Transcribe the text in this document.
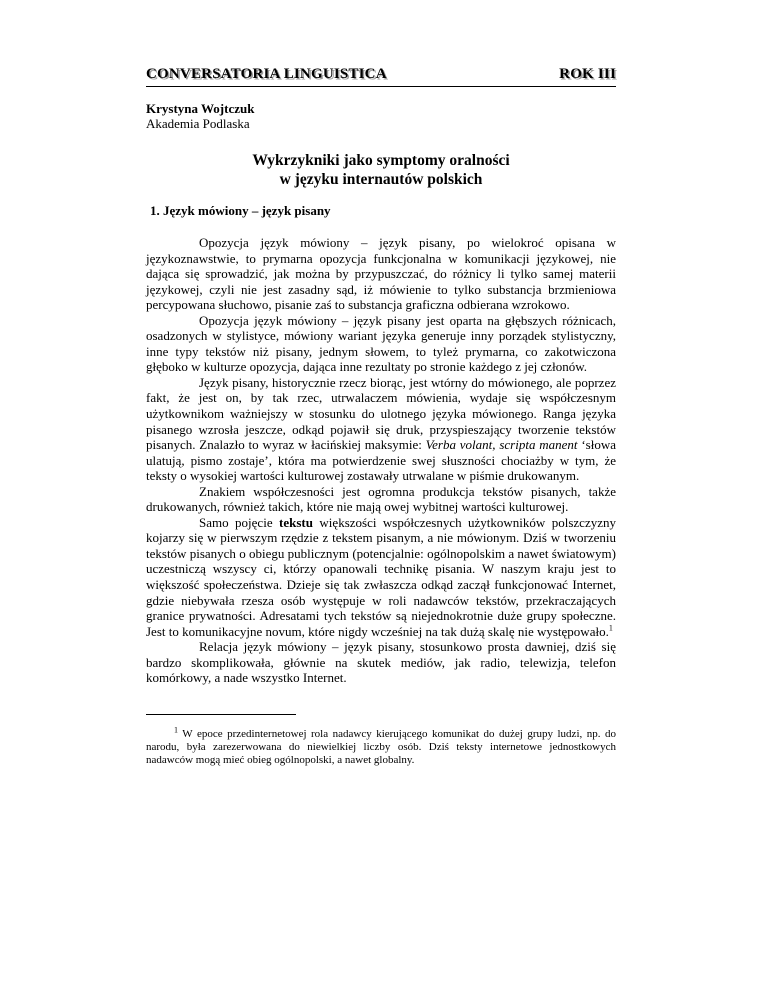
CONVERSATORIA LINGUISTICA	ROK III
Krystyna Wojtczuk
Akademia Podlaska
Wykrzykniki jako symptomy oralności
w języku internautów polskich
1. Język mówiony – język pisany

Opozycja język mówiony – język pisany, po wielokroć opisana w językoznawstwie, to prymarna opozycja funkcjonalna w komunikacji językowej, nie dająca się sprowadzić, jak można by przypuszczać, do różnicy li tylko samej materii językowej, czyli nie jest zasadny sąd, iż mówienie to tylko substancja brzmieniowa percypowana słuchowo, pisanie zaś to substancja graficzna odbierana wzrokowo.

Opozycja język mówiony – język pisany jest oparta na głębszych różnicach, osadzonych w stylistyce, mówiony wariant języka generuje inny porządek stylistyczny, inne typy tekstów niż pisany, jednym słowem, to tyleż prymarna, co zakotwiczona głęboko w kulturze opozycja, dająca inne rezultaty po stronie każdego z jej członów.

Język pisany, historycznie rzecz biorąc, jest wtórny do mówionego, ale poprzez fakt, że jest on, by tak rzec, utrwalaczem mówienia, wydaje się współczesnym użytkownikom ważniejszy w stosunku do ulotnego języka mówionego. Ranga języka pisanego wzrosła jeszcze, odkąd pojawił się druk, przyspieszający tworzenie tekstów pisanych. Znalazło to wyraz w łacińskiej maksymie: Verba volant, scripta manent ‘słowa ulatują, pismo zostaje’, która ma potwierdzenie swej słuszności chociażby w tym, że teksty o wysokiej wartości kulturowej zostawały utrwalane w piśmie drukowanym.

Znakiem współczesności jest ogromna produkcja tekstów pisanych, także drukowanych, również takich, które nie mają owej wybitnej wartości kulturowej.

Samo pojęcie tekstu większości współczesnych użytkowników polszczyzny kojarzy się w pierwszym rzędzie z tekstem pisanym, a nie mówionym. Dziś w tworzeniu tekstów pisanych o obiegu publicznym (potencjalnie: ogólnopolskim a nawet światowym) uczestniczą wszyscy ci, którzy opanowali technikę pisania. W naszym kraju jest to większość społeczeństwa. Dzieje się tak zwłaszcza odkąd zaczął funkcjonować Internet, gdzie niebywała rzesza osób występuje w roli nadawców tekstów, przekraczających granice prywatności. Adresatami tych tekstów są niejednokrotnie duże grupy społeczne. Jest to komunikacyjne novum, które nigdy wcześniej na tak dużą skalę nie występowało.$^1$

Relacja język mówiony – język pisany, stosunkowo prosta dawniej, dziś się bardzo skomplikowała, głównie na skutek mediów, jak radio, telewizja, telefon komórkowy, a nade wszystko Internet.

$^1$ W epoce przedinternetowej rola nadawcy kierującego komunikat do dużej grupy ludzi, np. do narodu, była zarezerwowana do niewielkiej liczby osób. Dziś teksty internetowe jednostkowych nadawców mogą mieć obieg ogólnopolski, a nawet globalny.
